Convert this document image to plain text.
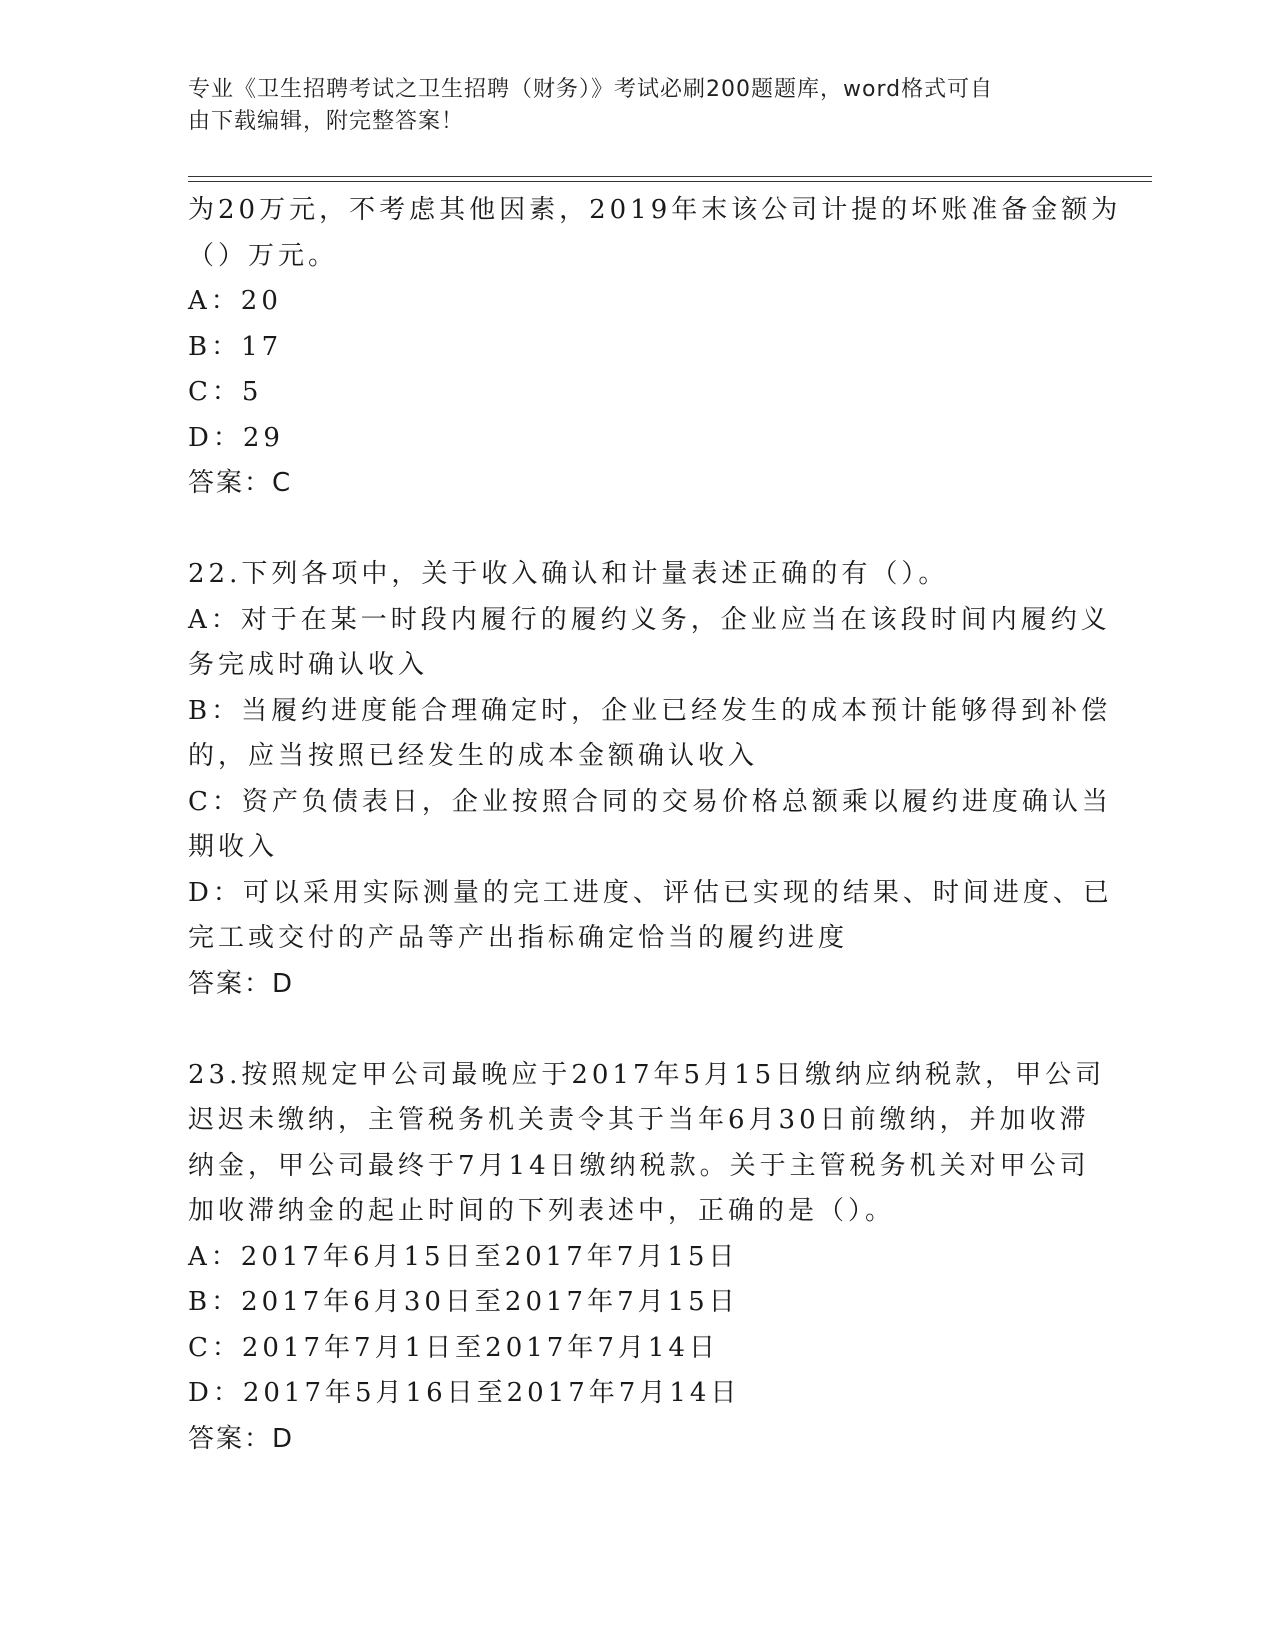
专业《卫生招聘考试之卫生招聘（财务）》考试必刷200题题库，word格式可自
由下载编辑，附完整答案！
为20万元，不考虑其他因素，2019年末该公司计提的坏账准备金额为
（）万元。
A：20
B：17
C：5
D：29
答案：C
22.下列各项中，关于收入确认和计量表述正确的有（）。
A：对于在某一时段内履行的履约义务，企业应当在该段时间内履约义
务完成时确认收入
B：当履约进度能合理确定时，企业已经发生的成本预计能够得到补偿
的，应当按照已经发生的成本金额确认收入
C：资产负债表日，企业按照合同的交易价格总额乘以履约进度确认当
期收入
D：可以采用实际测量的完工进度、评估已实现的结果、时间进度、已
完工或交付的产品等产出指标确定恰当的履约进度
答案：D
23.按照规定甲公司最晚应于2017年5月15日缴纳应纳税款，甲公司
迟迟未缴纳，主管税务机关责令其于当年6月30日前缴纳，并加收滞
纳金，甲公司最终于7月14日缴纳税款。关于主管税务机关对甲公司
加收滞纳金的起止时间的下列表述中，正确的是（）。
A：2017年6月15日至2017年7月15日
B：2017年6月30日至2017年7月15日
C：2017年7月1日至2017年7月14日
D：2017年5月16日至2017年7月14日
答案：D
